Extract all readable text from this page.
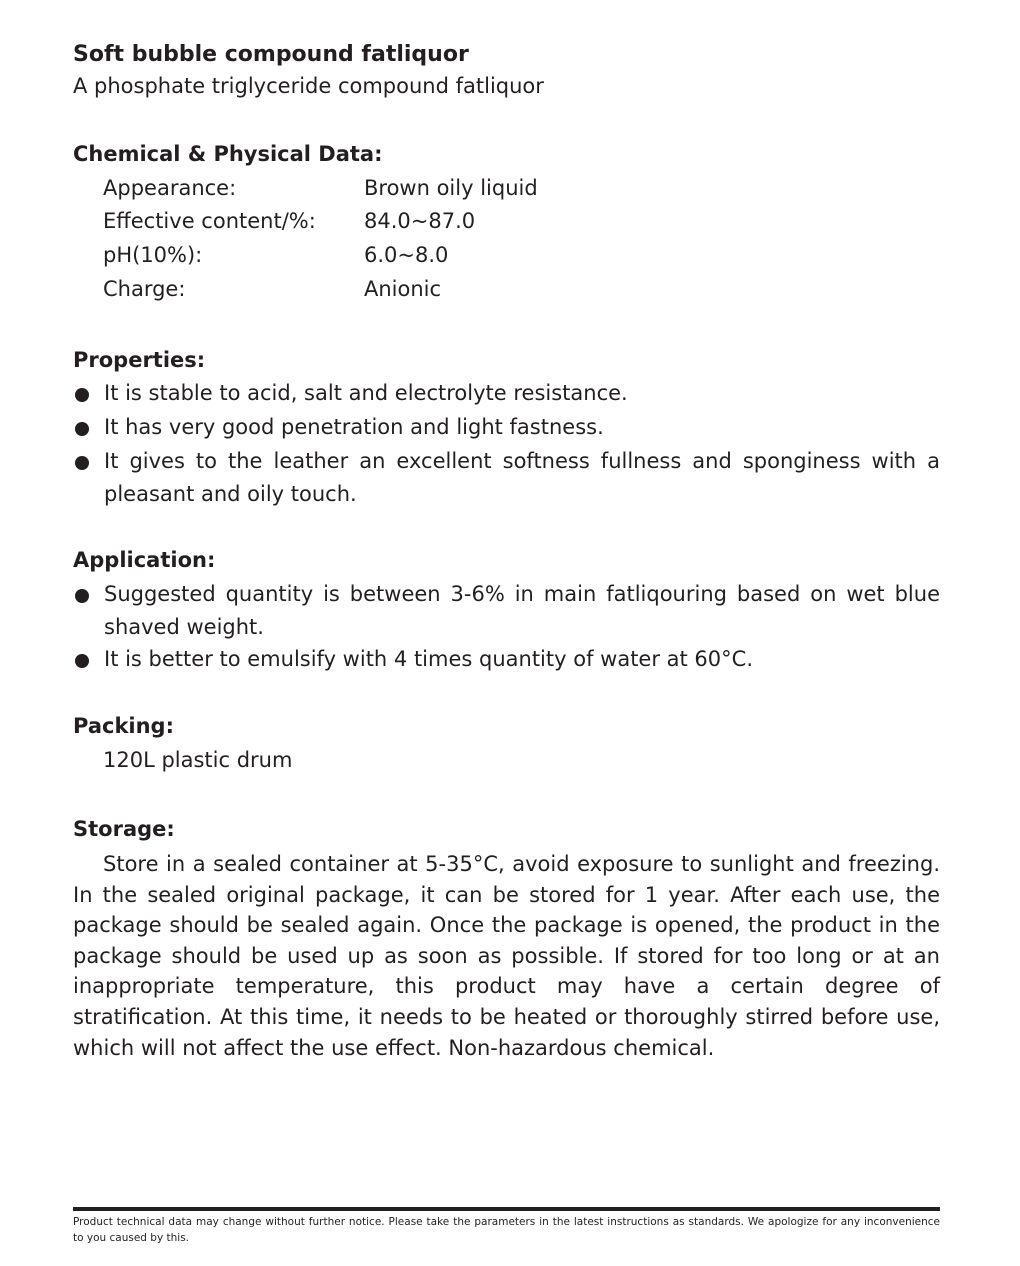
Soft bubble compound fatliquor
A phosphate triglyceride compound fatliquor
Chemical & Physical Data:
Appearance:	Brown oily liquid
Effective content/%: 84.0~87.0
pH(10%):	6.0~8.0
Charge:	Anionic
Properties:
It is stable to acid, salt and electrolyte resistance.
It has very good penetration and light fastness.
It gives to the leather an excellent softness fullness and sponginess with a pleasant and oily touch.
Application:
Suggested quantity is between 3-6% in main fatliqouring based on wet blue shaved weight.
It is better to emulsify with 4 times quantity of water at 60°C.
Packing:
120L plastic drum
Storage:
Store in a sealed container at 5-35°C, avoid exposure to sunlight and freezing. In the sealed original package, it can be stored for 1 year. After each use, the package should be sealed again. Once the package is opened, the product in the package should be used up as soon as possible. If stored for too long or at an inappropriate temperature, this product may have a certain degree of stratification. At this time, it needs to be heated or thoroughly stirred before use, which will not affect the use effect. Non-hazardous chemical.
Product technical data may change without further notice. Please take the parameters in the latest instructions as standards. We apologize for any inconvenience to you caused by this.
